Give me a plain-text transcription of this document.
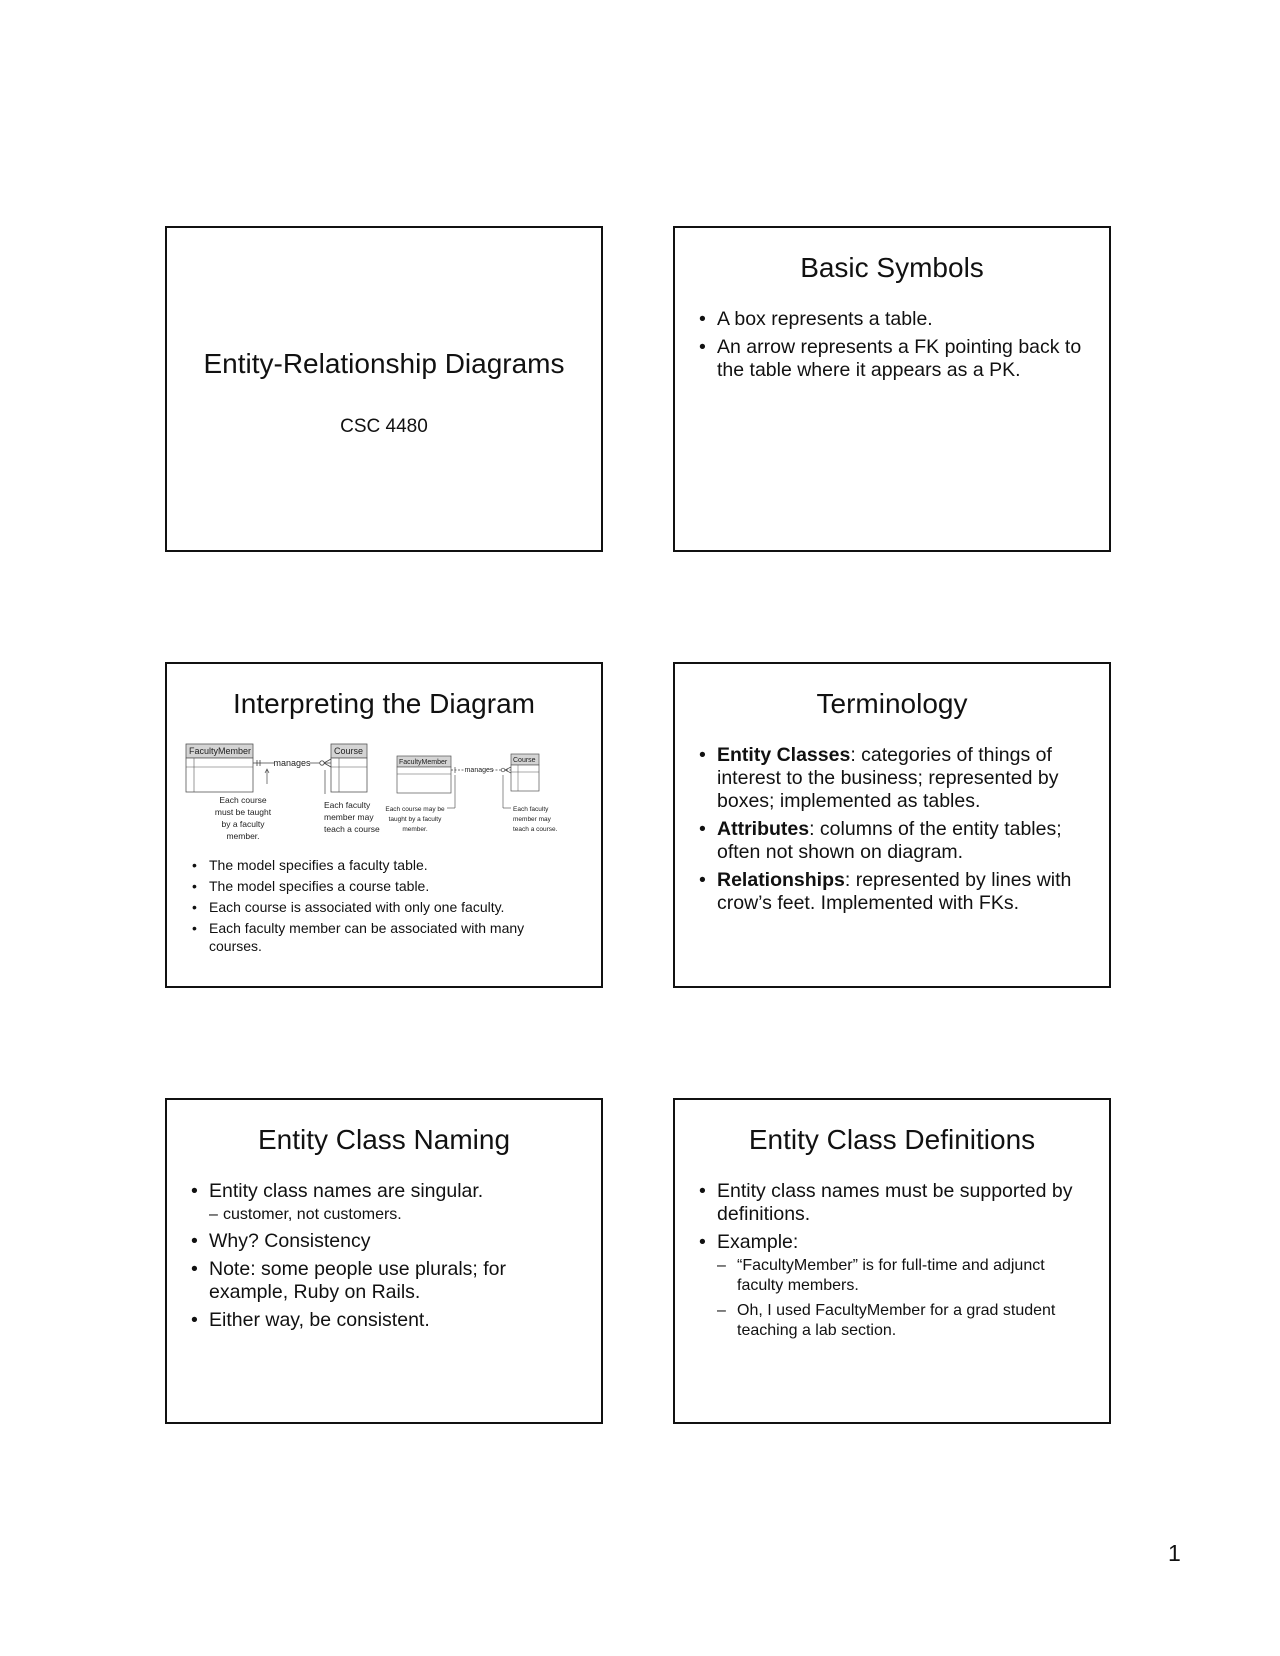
Entity-Relationship Diagrams
CSC 4480
Basic Symbols
• A box represents a table.
• An arrow represents a FK pointing back to the table where it appears as a PK.
Interpreting the Diagram
FacultyMember	Course
manages
Each course
must be taught
by a faculty
member.
Each faculty
member may
teach a course
FacultyMember	Course
manages
Each course may be
taught by a faculty
member.
Each faculty
member may
teach a course.
• The model specifies a faculty table.
• The model specifies a course table.
• Each course is associated with only one faculty.
• Each faculty member can be associated with many courses.
Terminology
• Entity Classes: categories of things of interest to the business; represented by boxes; implemented as tables.
• Attributes: columns of the entity tables; often not shown on diagram.
• Relationships: represented by lines with crow’s feet. Implemented with FKs.
Entity Class Naming
• Entity class names are singular.
– customer, not customers.
• Why? Consistency
• Note: some people use plurals; for example, Ruby on Rails.
• Either way, be consistent.
Entity Class Definitions
• Entity class names must be supported by definitions.
• Example:
– “FacultyMember” is for full-time and adjunct faculty members.
– Oh, I used FacultyMember for a grad student teaching a lab section.
1
